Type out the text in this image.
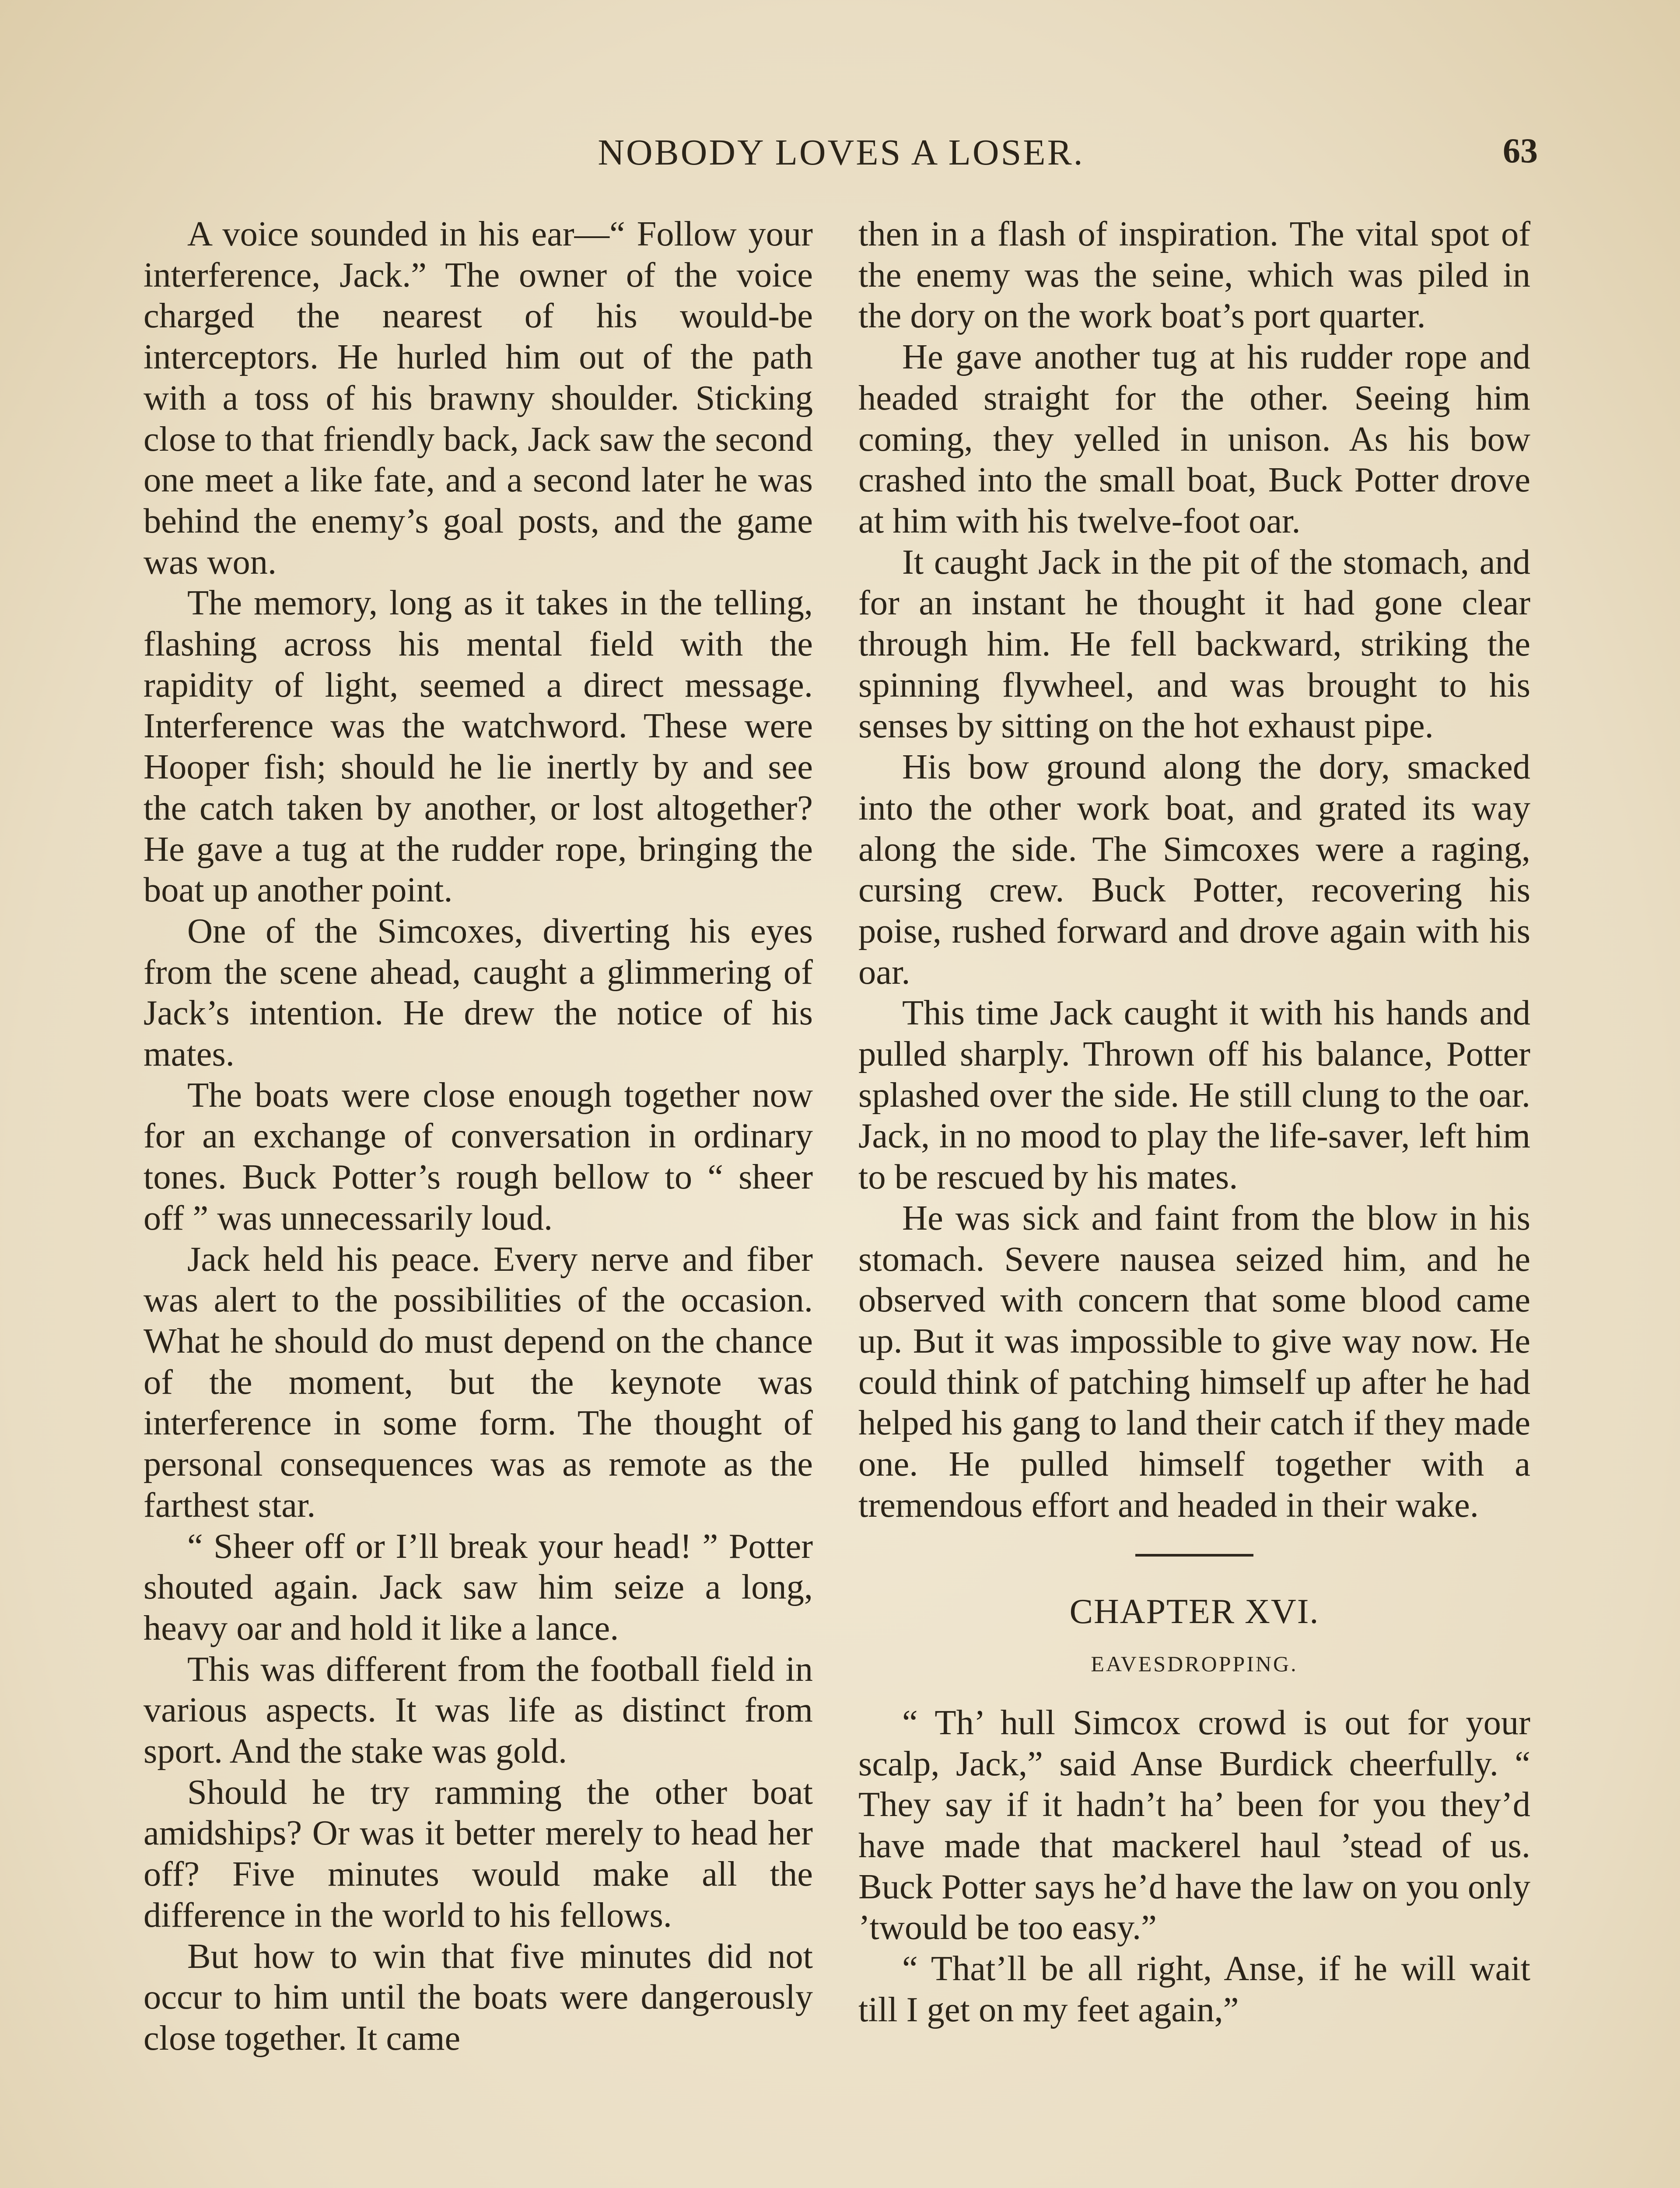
NOBODY LOVES A LOSER.	63

A voice sounded in his ear—“ Follow your interference, Jack.” The owner of the voice charged the nearest of his would-be interceptors. He hurled him out of the path with a toss of his brawny shoulder. Sticking close to that friendly back, Jack saw the second one meet a like fate, and a second later he was behind the enemy’s goal posts, and the game was won.

The memory, long as it takes in the telling, flashing across his mental field with the rapidity of light, seemed a direct message. Interference was the watchword. These were Hooper fish; should he lie inertly by and see the catch taken by another, or lost altogether? He gave a tug at the rudder rope, bringing the boat up another point.

One of the Simcoxes, diverting his eyes from the scene ahead, caught a glimmering of Jack’s intention. He drew the notice of his mates.

The boats were close enough together now for an exchange of conversation in ordinary tones. Buck Potter’s rough bellow to “ sheer off ” was unnecessarily loud.

Jack held his peace. Every nerve and fiber was alert to the possibilities of the occasion. What he should do must depend on the chance of the moment, but the keynote was interference in some form. The thought of personal consequences was as remote as the farthest star.

“ Sheer off or I’ll break your head! ” Potter shouted again. Jack saw him seize a long, heavy oar and hold it like a lance.

This was different from the football field in various aspects. It was life as distinct from sport. And the stake was gold.

Should he try ramming the other boat amidships? Or was it better merely to head her off? Five minutes would make all the difference in the world to his fellows.

But how to win that five minutes did not occur to him until the boats were dangerously close together. It came

then in a flash of inspiration. The vital spot of the enemy was the seine, which was piled in the dory on the work boat’s port quarter.

He gave another tug at his rudder rope and headed straight for the other. Seeing him coming, they yelled in unison. As his bow crashed into the small boat, Buck Potter drove at him with his twelve-foot oar.

It caught Jack in the pit of the stomach, and for an instant he thought it had gone clear through him. He fell backward, striking the spinning flywheel, and was brought to his senses by sitting on the hot exhaust pipe.

His bow ground along the dory, smacked into the other work boat, and grated its way along the side. The Simcoxes were a raging, cursing crew. Buck Potter, recovering his poise, rushed forward and drove again with his oar.

This time Jack caught it with his hands and pulled sharply. Thrown off his balance, Potter splashed over the side. He still clung to the oar. Jack, in no mood to play the life-saver, left him to be rescued by his mates.

He was sick and faint from the blow in his stomach. Severe nausea seized him, and he observed with concern that some blood came up. But it was impossible to give way now. He could think of patching himself up after he had helped his gang to land their catch if they made one. He pulled himself together with a tremendous effort and headed in their wake.

CHAPTER XVI.
EAVESDROPPING.

“ Th’ hull Simcox crowd is out for your scalp, Jack,” said Anse Burdick cheerfully. “ They say if it hadn’t ha’ been for you they’d have made that mackerel haul ’stead of us. Buck Potter says he’d have the law on you only ’twould be too easy.”

“ That’ll be all right, Anse, if he will wait till I get on my feet again,”
